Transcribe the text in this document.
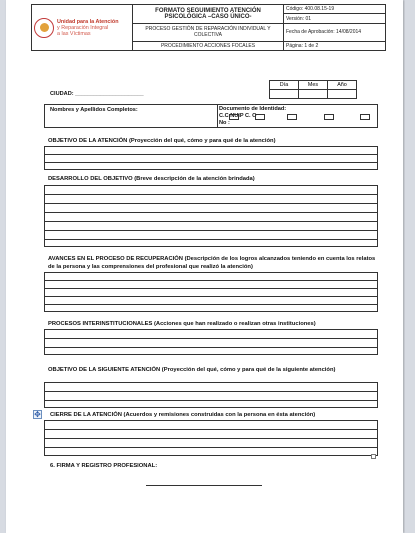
Unidad para la Atención
y Reparación Integral
a las Víctimas	FORMATO SEGUIMIENTO ATENCIÓN PSICOLÓGICA –CASO ÚNICO-	Código: 400.08.15-19
		Versión: 01
	PROCESO GESTIÓN DE REPARACIÓN INDIVIDUAL Y COLECTIVA	Fecha de Aprobación: 14/08/2014
	PROCEDIMIENTO ACCIONES FOCALES	Página: 1 de 2
Día	Mes	Año

CIUDAD: ______________________
Nombres y Apellidos Completos:	Documento de Identidad:
C.C NUIP C. O
No :
OBJETIVO DE LA ATENCIÓN (Proyección del qué, cómo y para qué de la atención)
DESARROLLO DEL OBJETIVO (Breve descripción de la atención brindada)
AVANCES EN EL PROCESO DE RECUPERACIÓN (Descripción de los logros alcanzados teniendo en cuenta los relatos de la persona y las comprensiones del profesional que realizó la atención)
PROCESOS INTERINSTITUCIONALES (Acciones que han realizado o realizan otras instituciones)
OBJETIVO DE LA SIGUIENTE ATENCIÓN (Proyección del qué, cómo y para qué de la siguiente atención)
CIERRE DE LA ATENCIÓN (Acuerdos y remisiones construidas con la persona en ésta atención)
6. FIRMA Y REGISTRO PROFESIONAL:
✥
